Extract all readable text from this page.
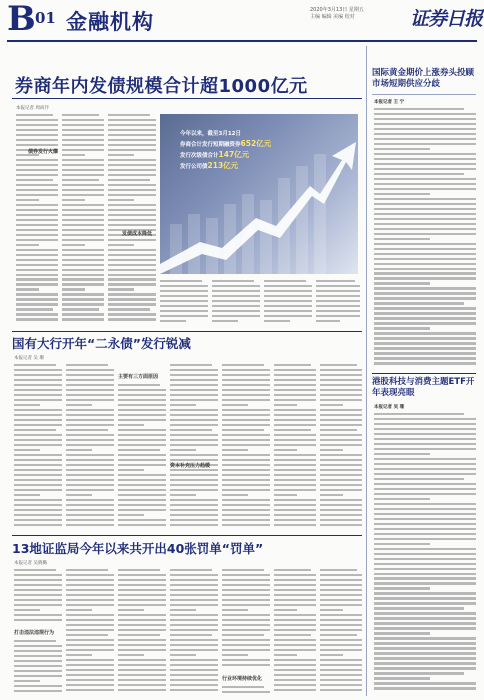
B 01 金融机构	2020年3月13日 星期五
主编 编辑 美编 校对	证券日报
券商年内发债规模合计超1000亿元
本报记者 周尚伃
债券发行火爆
发债成本降低
今年以来，截至3月12日
券商合计发行短期融资券652亿元
发行次级债合计147亿元
发行公司债213亿元
国有大行开年“二永债”发行锐减
本报记者 吴 珊
主要有三方面原因
资本补充压力趋缓
13地证监局今年以来共开出40张罚单“罚单”
本报记者 吴晓璐
打击违法违规行为
行业环境持续优化
国际黄金期价上涨券头投顾市场短期供应分歧
本报记者 王 宁
港股科技与消费主题ETF开年表现亮眼
本报记者 吴 珊
